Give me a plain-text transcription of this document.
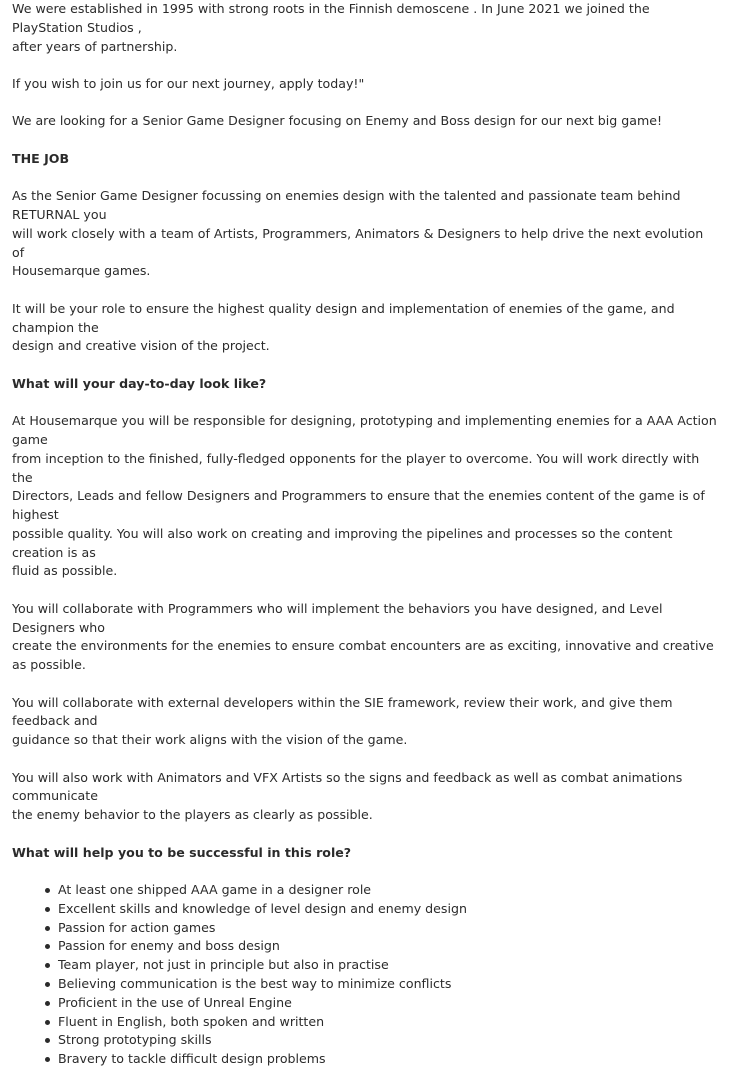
We were established in 1995 with strong roots in the Finnish demoscene . In June 2021 we joined the PlayStation Studios ,
after years of partnership.

If you wish to join us for our next journey, apply today!"

We are looking for a Senior Game Designer focusing on Enemy and Boss design for our next big game!

THE JOB

As the Senior Game Designer focussing on enemies design with the talented and passionate team behind RETURNAL you
will work closely with a team of Artists, Programmers, Animators & Designers to help drive the next evolution of
Housemarque games.

It will be your role to ensure the highest quality design and implementation of enemies of the game, and champion the
design and creative vision of the project.

What will your day-to-day look like?

At Housemarque you will be responsible for designing, prototyping and implementing enemies for a AAA Action game
from inception to the finished, fully-fledged opponents for the player to overcome. You will work directly with the
Directors, Leads and fellow Designers and Programmers to ensure that the enemies content of the game is of highest
possible quality. You will also work on creating and improving the pipelines and processes so the content creation is as
fluid as possible.

You will collaborate with Programmers who will implement the behaviors you have designed, and Level Designers who
create the environments for the enemies to ensure combat encounters are as exciting, innovative and creative as possible.

You will collaborate with external developers within the SIE framework, review their work, and give them feedback and
guidance so that their work aligns with the vision of the game.

You will also work with Animators and VFX Artists so the signs and feedback as well as combat animations communicate
the enemy behavior to the players as clearly as possible.

What will help you to be successful in this role?

At least one shipped AAA game in a designer role
Excellent skills and knowledge of level design and enemy design
Passion for action games
Passion for enemy and boss design
Team player, not just in principle but also in practise
Believing communication is the best way to minimize conflicts
Proficient in the use of Unreal Engine
Fluent in English, both spoken and written
Strong prototyping skills
Bravery to tackle difficult design problems
